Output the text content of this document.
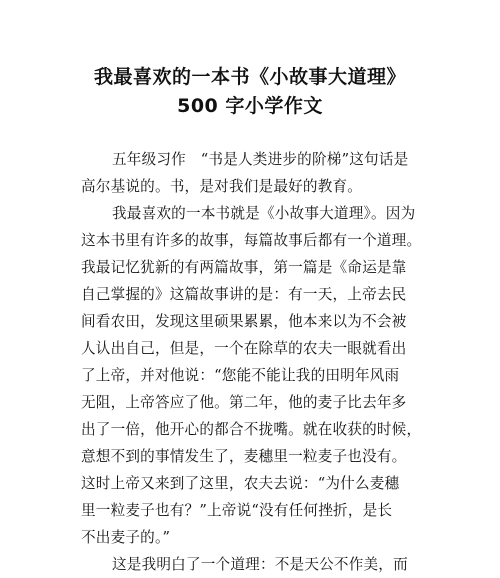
我最喜欢的一本书《小故事大道理》
500 字小学作文
五年级习作　“书是人类进步的阶梯”这句话是
高尔基说的。书，是对我们是最好的教育。
我最喜欢的一本书就是《小故事大道理》。因为
这本书里有许多的故事，每篇故事后都有一个道理。
我最记忆犹新的有两篇故事，第一篇是《命运是靠
自己掌握的》这篇故事讲的是：有一天，上帝去民
间看农田，发现这里硕果累累，他本来以为不会被
人认出自己，但是，一个在除草的农夫一眼就看出
了上帝，并对他说：“您能不能让我的田明年风雨
无阻，上帝答应了他。第二年，他的麦子比去年多
出了一倍，他开心的都合不拢嘴。就在收获的时候，
意想不到的事情发生了，麦穗里一粒麦子也没有。
这时上帝又来到了这里，农夫去说：“为什么麦穗
里一粒麦子也有？”上帝说“没有任何挫折，是长
不出麦子的。”
这是我明白了一个道理：不是天公不作美，而
